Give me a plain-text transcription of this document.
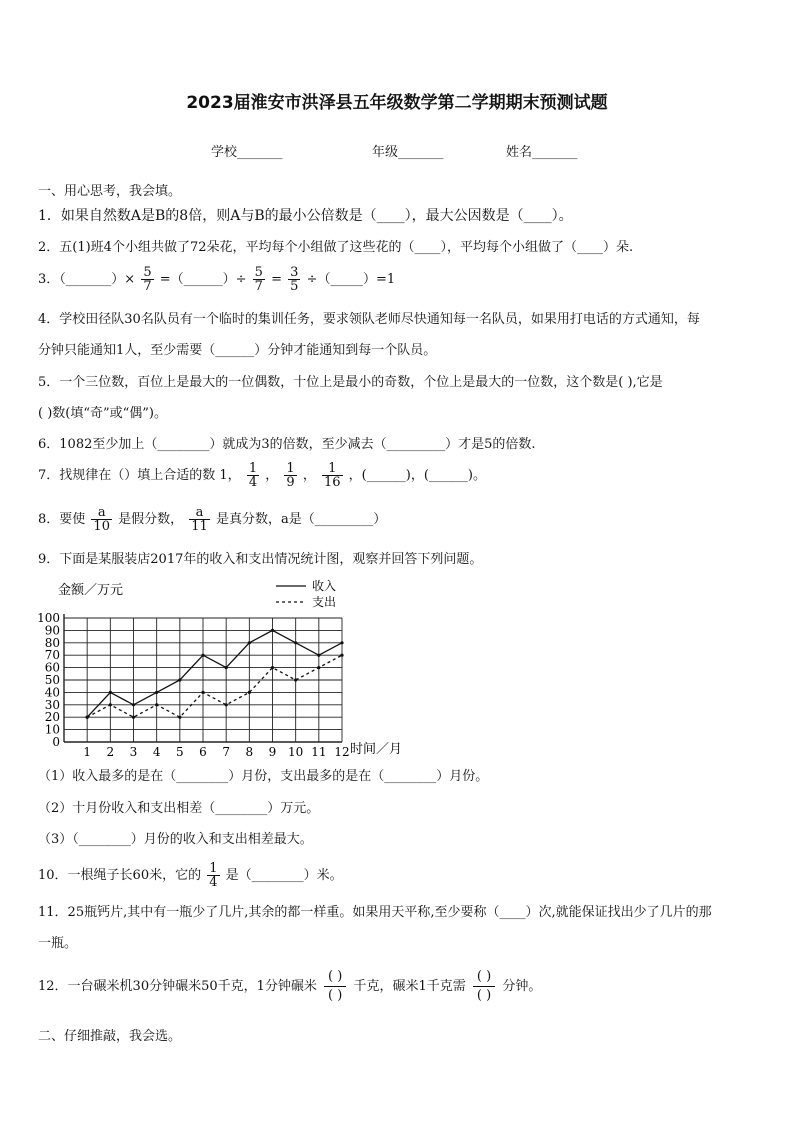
2023届淮安市洪泽县五年级数学第二学期期末预测试题
学校_______	年级_______	姓名_______
一、用心思考，我会填。
1．如果自然数A是B的8倍，则A与B的最小公倍数是（____），最大公因数是（____）。
2．五(1)班4个小组共做了72朵花，平均每个小组做了这些花的（____），平均每个小组做了（____）朵.
3．（_______）× $\frac{5}{7}$ =（______）÷ $\frac{5}{7} = \frac{3}{5}$ ÷（_____）=1
4．学校田径队30名队员有一个临时的集训任务，要求领队老师尽快通知每一名队员，如果用打电话的方式通知，每
分钟只能通知1人，至少需要（______）分钟才能通知到每一个队员。
5．一个三位数，百位上是最大的一位偶数，十位上是最小的奇数，个位上是最大的一位数，这个数是( ),它是
( )数(填“奇”或“偶”)。
6．1082至少加上（________）就成为3的倍数，至少减去（_________）才是5的倍数.
7．找规律在（）填上合适的数 1， $\frac{1}{4}$ ， $\frac{1}{9}$ ， $\frac{1}{16}$ ，(______)，(______)。
8．要使 $\frac{a}{10}$ 是假分数， $\frac{a}{11}$ 是真分数，a是（_________）
9．下面是某服装店2017年的收入和支出情况统计图，观察并回答下列问题。
金额／万元	收入
支出
0
10
20
30
40
50
60
70
80
90
100
1 2 3 4 5 6 7 8 9 10 11 12 时间／月
（1）收入最多的是在（________）月份，支出最多的是在（________）月份。
（2）十月份收入和支出相差（________）万元。
（3）（________）月份的收入和支出相差最大。
10．一根绳子长60米，它的 $\frac{1}{4}$ 是（________）米。
11．25瓶钙片,其中有一瓶少了几片,其余的都一样重。如果用天平称,至少要称（____）次,就能保证找出少了几片的那
一瓶。
12．一台碾米机30分钟碾米50千克，1分钟碾米
( )
( )
千克，碾米1千克需
( )
( )
分钟。
二、仔细推敲，我会选。
